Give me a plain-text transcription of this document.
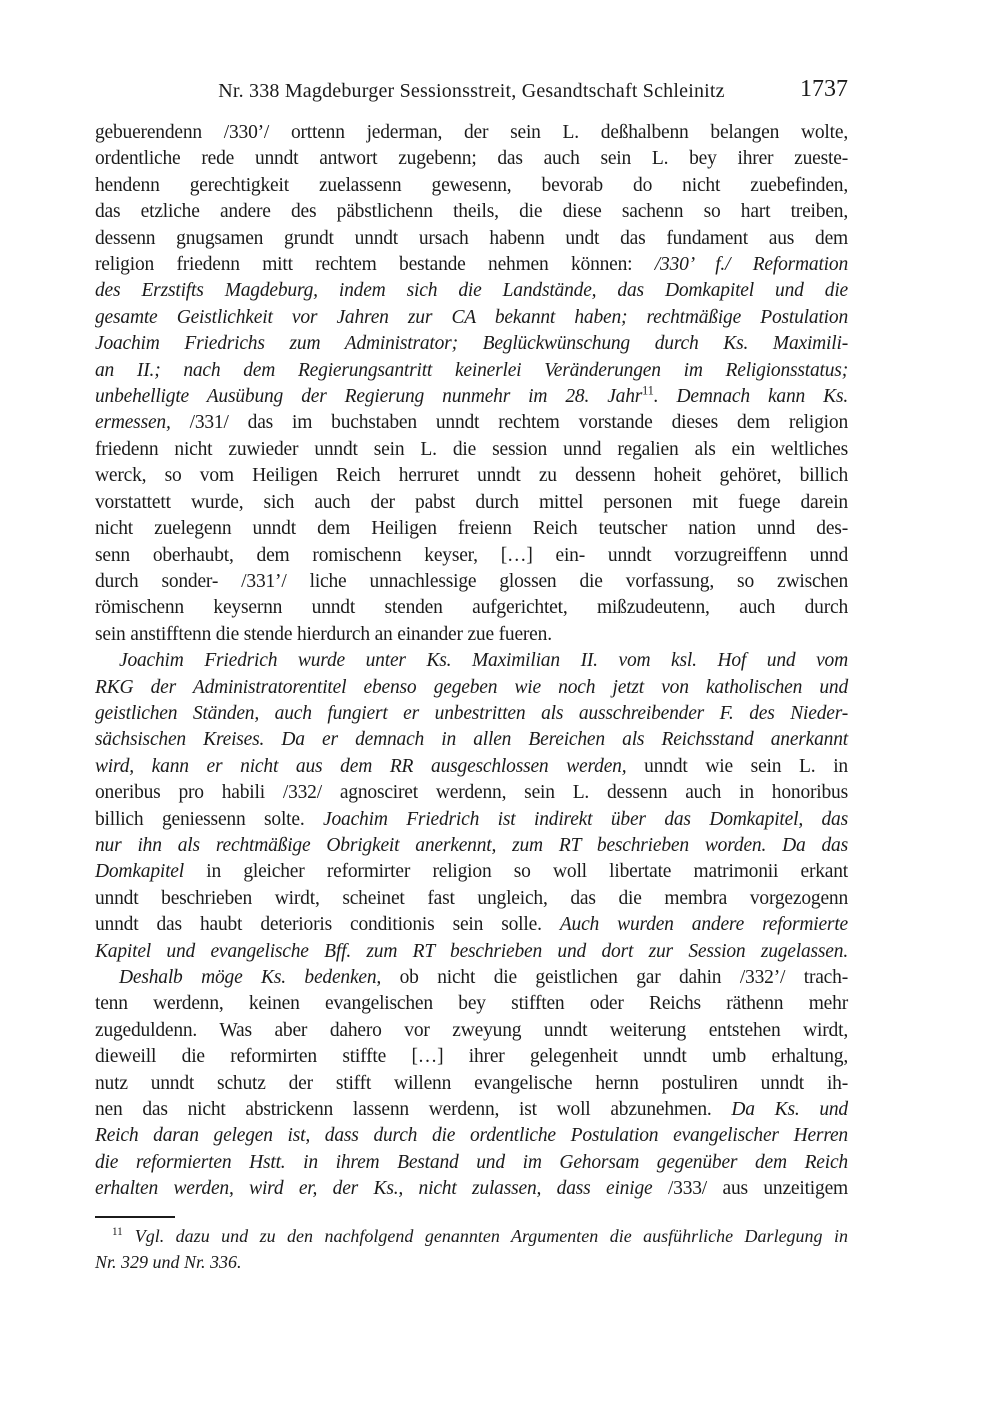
Nr. 338 Magdeburger Sessionsstreit, Gesandtschaft Schleinitz	1737
gebuerendenn /330’/ orttenn jederman, der sein L. deßhalbenn belangen wolte,
ordentliche rede unndt antwort zugebenn; das auch sein L. bey ihrer zueste-
hendenn gerechtigkeit zuelassenn gewesenn, bevorab do nicht zuebefinden,
das etzliche andere des päbstlichenn theils, die diese sachenn so hart treiben,
dessenn gnugsamen grundt unndt ursach habenn undt das fundament aus dem
religion friedenn mitt rechtem bestande nehmen können: /330’ f./ Reformation
des Erzstifts Magdeburg, indem sich die Landstände, das Domkapitel und die
gesamte Geistlichkeit vor Jahren zur CA bekannt haben; rechtmäßige Postulation
Joachim Friedrichs zum Administrator; Beglückwünschung durch Ks. Maximili-
an II.; nach dem Regierungsantritt keinerlei Veränderungen im Religionsstatus;
unbehelligte Ausübung der Regierung nunmehr im 28. Jahr$^{11}$. Demnach kann Ks.
ermessen, /331/ das im buchstaben unndt rechtem vorstande dieses dem religion
friedenn nicht zuwieder unndt sein L. die session unnd regalien als ein weltliches
werck, so vom Heiligen Reich herruret unndt zu dessenn hoheit gehöret, billich
vorstattett wurde, sich auch der pabst durch mittel personen mit fuege darein
nicht zuelegenn unndt dem Heiligen freienn Reich teutscher nation unnd des-
senn oberhaubt, dem romischenn keyser, […] ein- unndt vorzugreiffenn unnd
durch sonder- /331’/ liche unnachlessige glossen die vorfassung, so zwischen
römischenn keysernn unndt stenden aufgerichtet, mißzudeutenn, auch durch
sein anstifftenn die stende hierdurch an einander zue fueren.
Joachim Friedrich wurde unter Ks. Maximilian II. vom ksl. Hof und vom
RKG der Administratorentitel ebenso gegeben wie noch jetzt von katholischen und
geistlichen Ständen, auch fungiert er unbestritten als ausschreibender F. des Nieder-
sächsischen Kreises. Da er demnach in allen Bereichen als Reichsstand anerkannt
wird, kann er nicht aus dem RR ausgeschlossen werden, unndt wie sein L. in
oneribus pro habili /332/ agnosciret werdenn, sein L. dessenn auch in honoribus
billich geniessenn solte. Joachim Friedrich ist indirekt über das Domkapitel, das
nur ihn als rechtmäßige Obrigkeit anerkennt, zum RT beschrieben worden. Da das
Domkapitel in gleicher reformirter religion so woll libertate matrimonii erkant
unndt beschrieben wirdt, scheinet fast ungleich, das die membra vorgezogenn
unndt das haubt deterioris conditionis sein solle. Auch wurden andere reformierte
Kapitel und evangelische Bff. zum RT beschrieben und dort zur Session zugelassen.
Deshalb möge Ks. bedenken, ob nicht die geistlichen gar dahin /332’/ trach-
tenn werdenn, keinen evangelischen bey stifften oder Reichs räthenn mehr
zugeduldenn. Was aber dahero vor zweyung unndt weiterung entstehen wirdt,
dieweill die reformirten stiffte […] ihrer gelegenheit unndt umb erhaltung,
nutz unndt schutz der stifft willenn evangelische hernn postuliren unndt ih-
nen das nicht abstrickenn lassenn werdenn, ist woll abzunehmen. Da Ks. und
Reich daran gelegen ist, dass durch die ordentliche Postulation evangelischer Herren
die reformierten Hstt. in ihrem Bestand und im Gehorsam gegenüber dem Reich
erhalten werden, wird er, der Ks., nicht zulassen, dass einige /333/ aus unzeitigem
$^{11}$ Vgl. dazu und zu den nachfolgend genannten Argumenten die ausführliche Darlegung in
Nr. 329 und Nr. 336.
